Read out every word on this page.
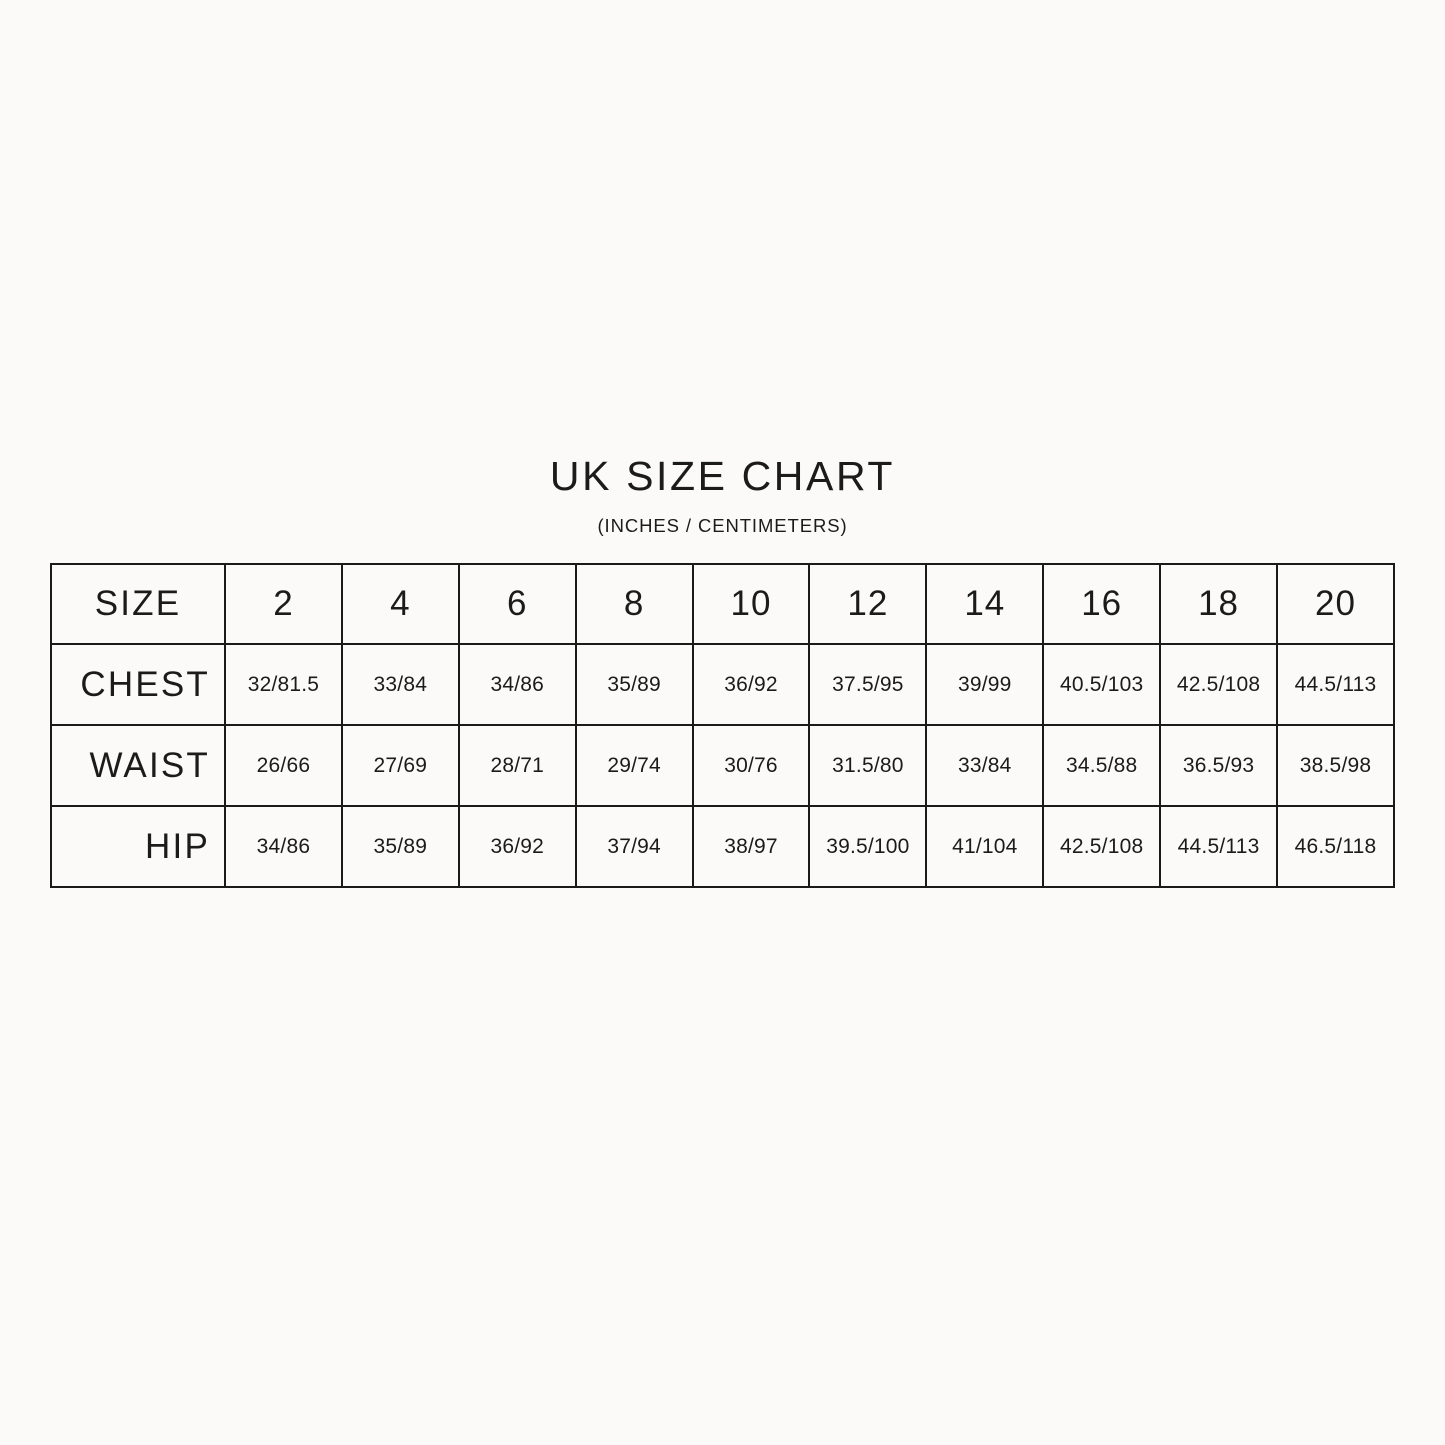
UK SIZE CHART
(INCHES / CENTIMETERS)
SIZE	2	4	6	8	10	12	14	16	18	20
CHEST	32/81.5	33/84	34/86	35/89	36/92	37.5/95	39/99	40.5/103	42.5/108	44.5/113
WAIST	26/66	27/69	28/71	29/74	30/76	31.5/80	33/84	34.5/88	36.5/93	38.5/98
HIP	34/86	35/89	36/92	37/94	38/97	39.5/100	41/104	42.5/108	44.5/113	46.5/118
